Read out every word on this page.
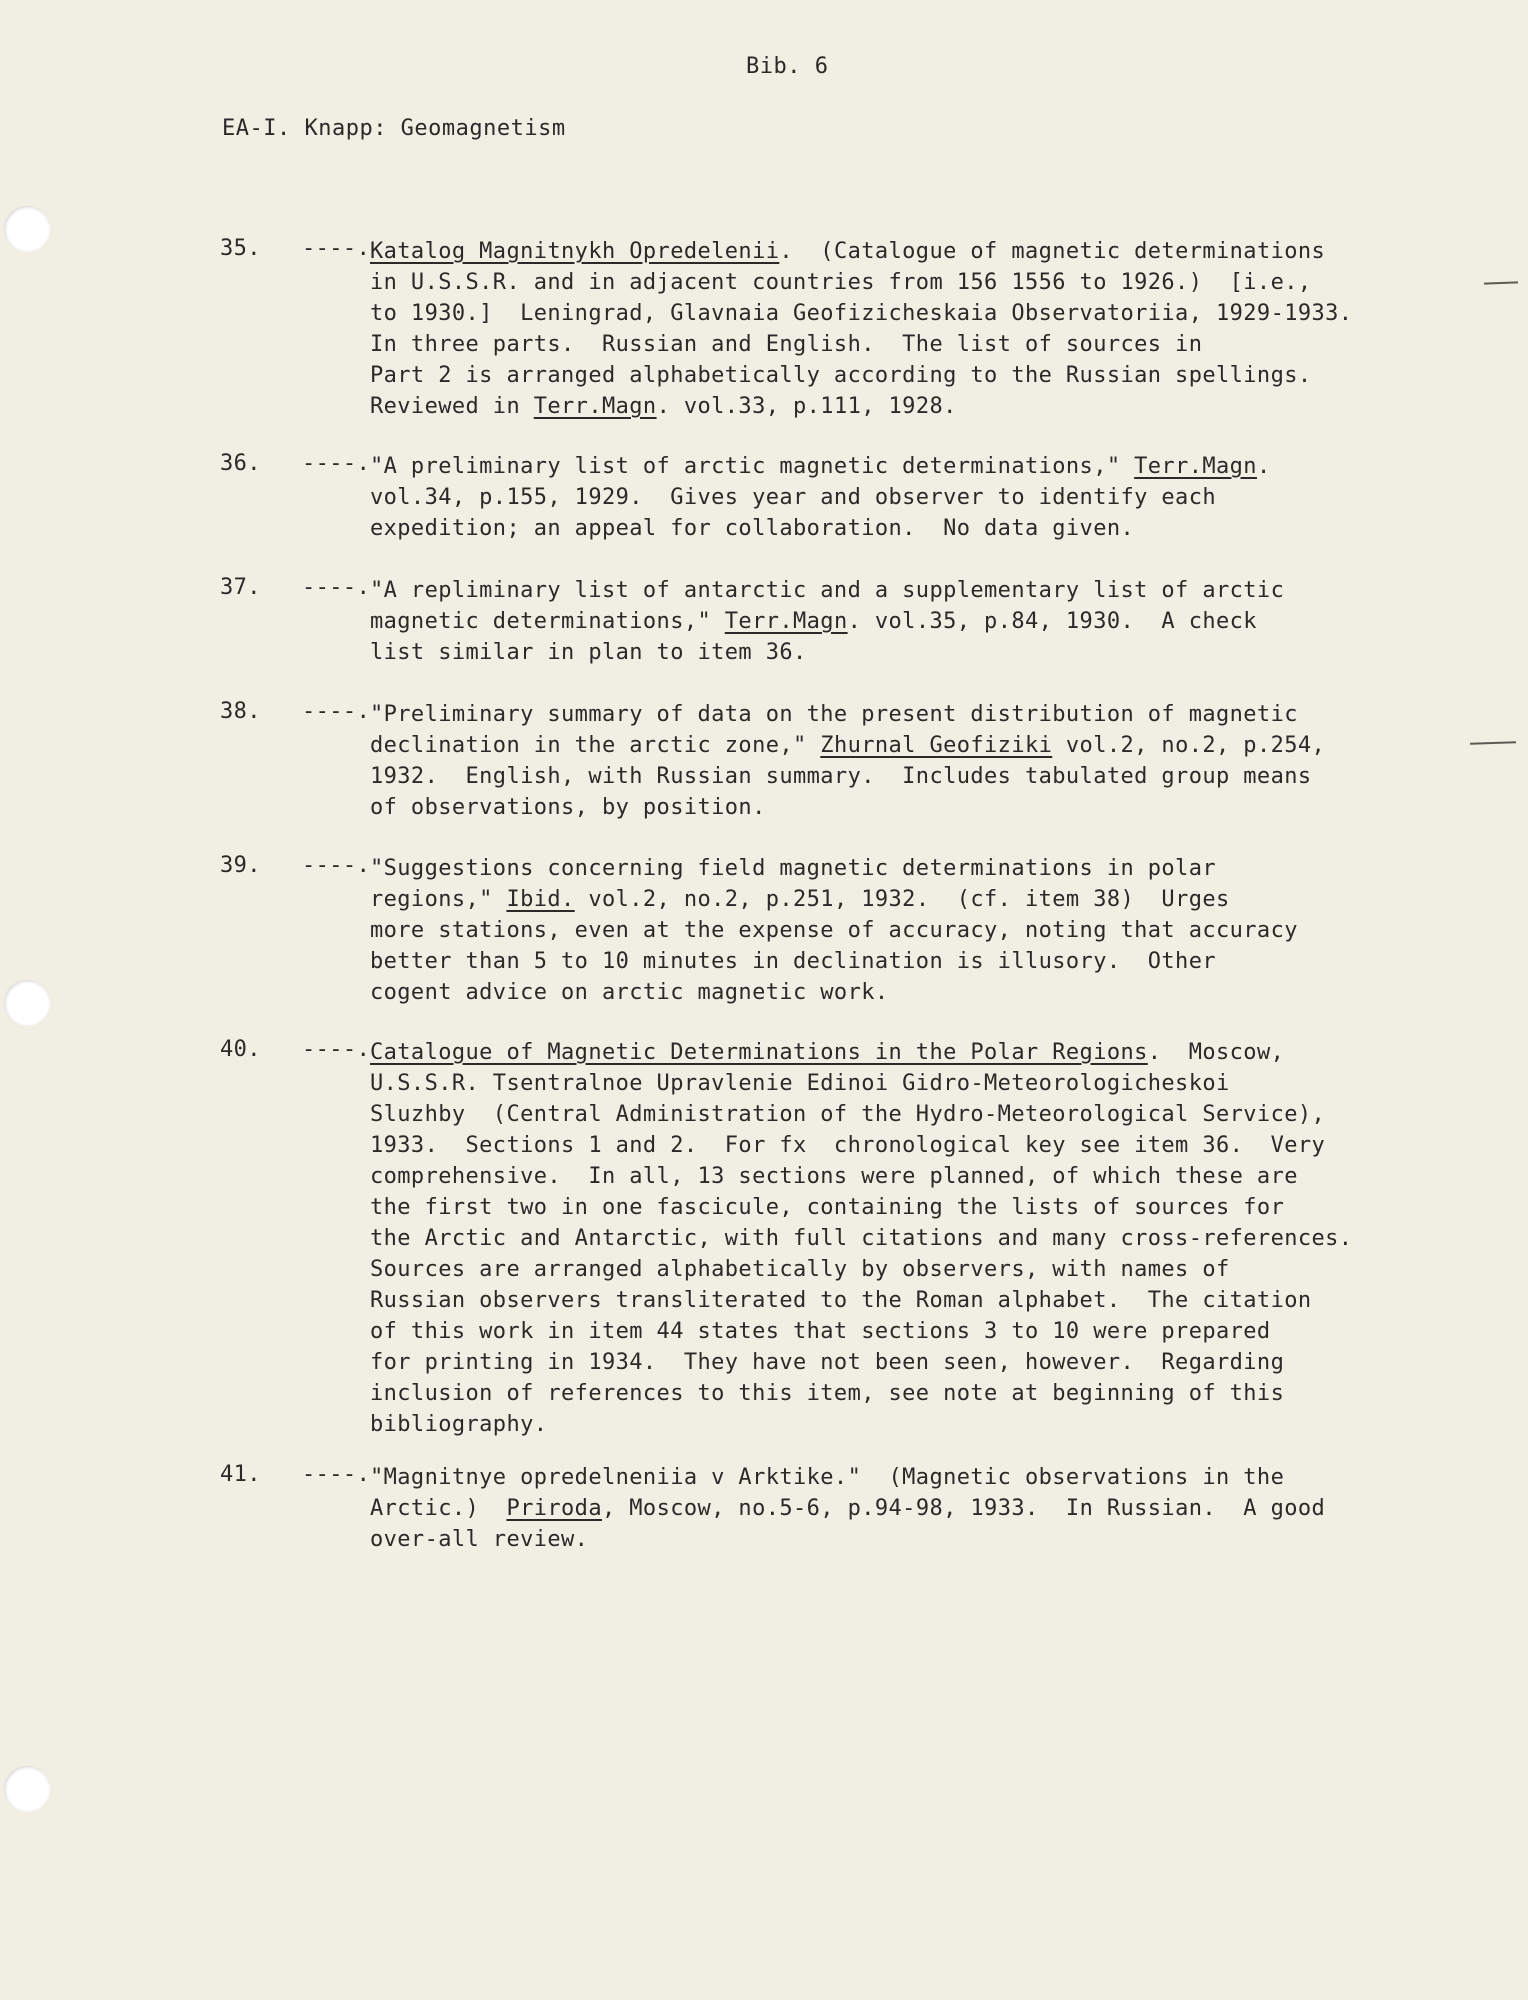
Bib. 6
EA-I. Knapp: Geomagnetism
35. ----. Katalog Magnitnykh Opredelenii.  (Catalogue of magnetic determinations
in U.S.S.R. and in adjacent countries from 156 1556 to 1926.)  [i.e.,
to 1930.]  Leningrad, Glavnaia Geofizicheskaia Observatoriia, 1929-1933.
In three parts.  Russian and English.  The list of sources in
Part 2 is arranged alphabetically according to the Russian spellings.
Reviewed in Terr.Magn. vol.33, p.111, 1928.
36. ----. "A preliminary list of arctic magnetic determinations," Terr.Magn.
vol.34, p.155, 1929.  Gives year and observer to identify each
expedition; an appeal for collaboration.  No data given.
37. ----. "A repliminary list of antarctic and a supplementary list of arctic
magnetic determinations," Terr.Magn. vol.35, p.84, 1930.  A check
list similar in plan to item 36.
38. ----. "Preliminary summary of data on the present distribution of magnetic
declination in the arctic zone," Zhurnal Geofiziki vol.2, no.2, p.254,
1932.  English, with Russian summary.  Includes tabulated group means
of observations, by position.
39. ----. "Suggestions concerning field magnetic determinations in polar
regions," Ibid. vol.2, no.2, p.251, 1932.  (cf. item 38)  Urges
more stations, even at the expense of accuracy, noting that accuracy
better than 5 to 10 minutes in declination is illusory.  Other
cogent advice on arctic magnetic work.
40. ----. Catalogue of Magnetic Determinations in the Polar Regions.  Moscow,
U.S.S.R. Tsentralnoe Upravlenie Edinoi Gidro-Meteorologicheskoi
Sluzhby  (Central Administration of the Hydro-Meteorological Service),
1933.  Sections 1 and 2.  For fx  chronological key see item 36.  Very
comprehensive.  In all, 13 sections were planned, of which these are
the first two in one fascicule, containing the lists of sources for
the Arctic and Antarctic, with full citations and many cross-references.
Sources are arranged alphabetically by observers, with names of
Russian observers transliterated to the Roman alphabet.  The citation
of this work in item 44 states that sections 3 to 10 were prepared
for printing in 1934.  They have not been seen, however.  Regarding
inclusion of references to this item, see note at beginning of this
bibliography.
41. ----. "Magnitnye opredelneniia v Arktike."  (Magnetic observations in the
Arctic.)  Priroda, Moscow, no.5-6, p.94-98, 1933.  In Russian.  A good
over-all review.
